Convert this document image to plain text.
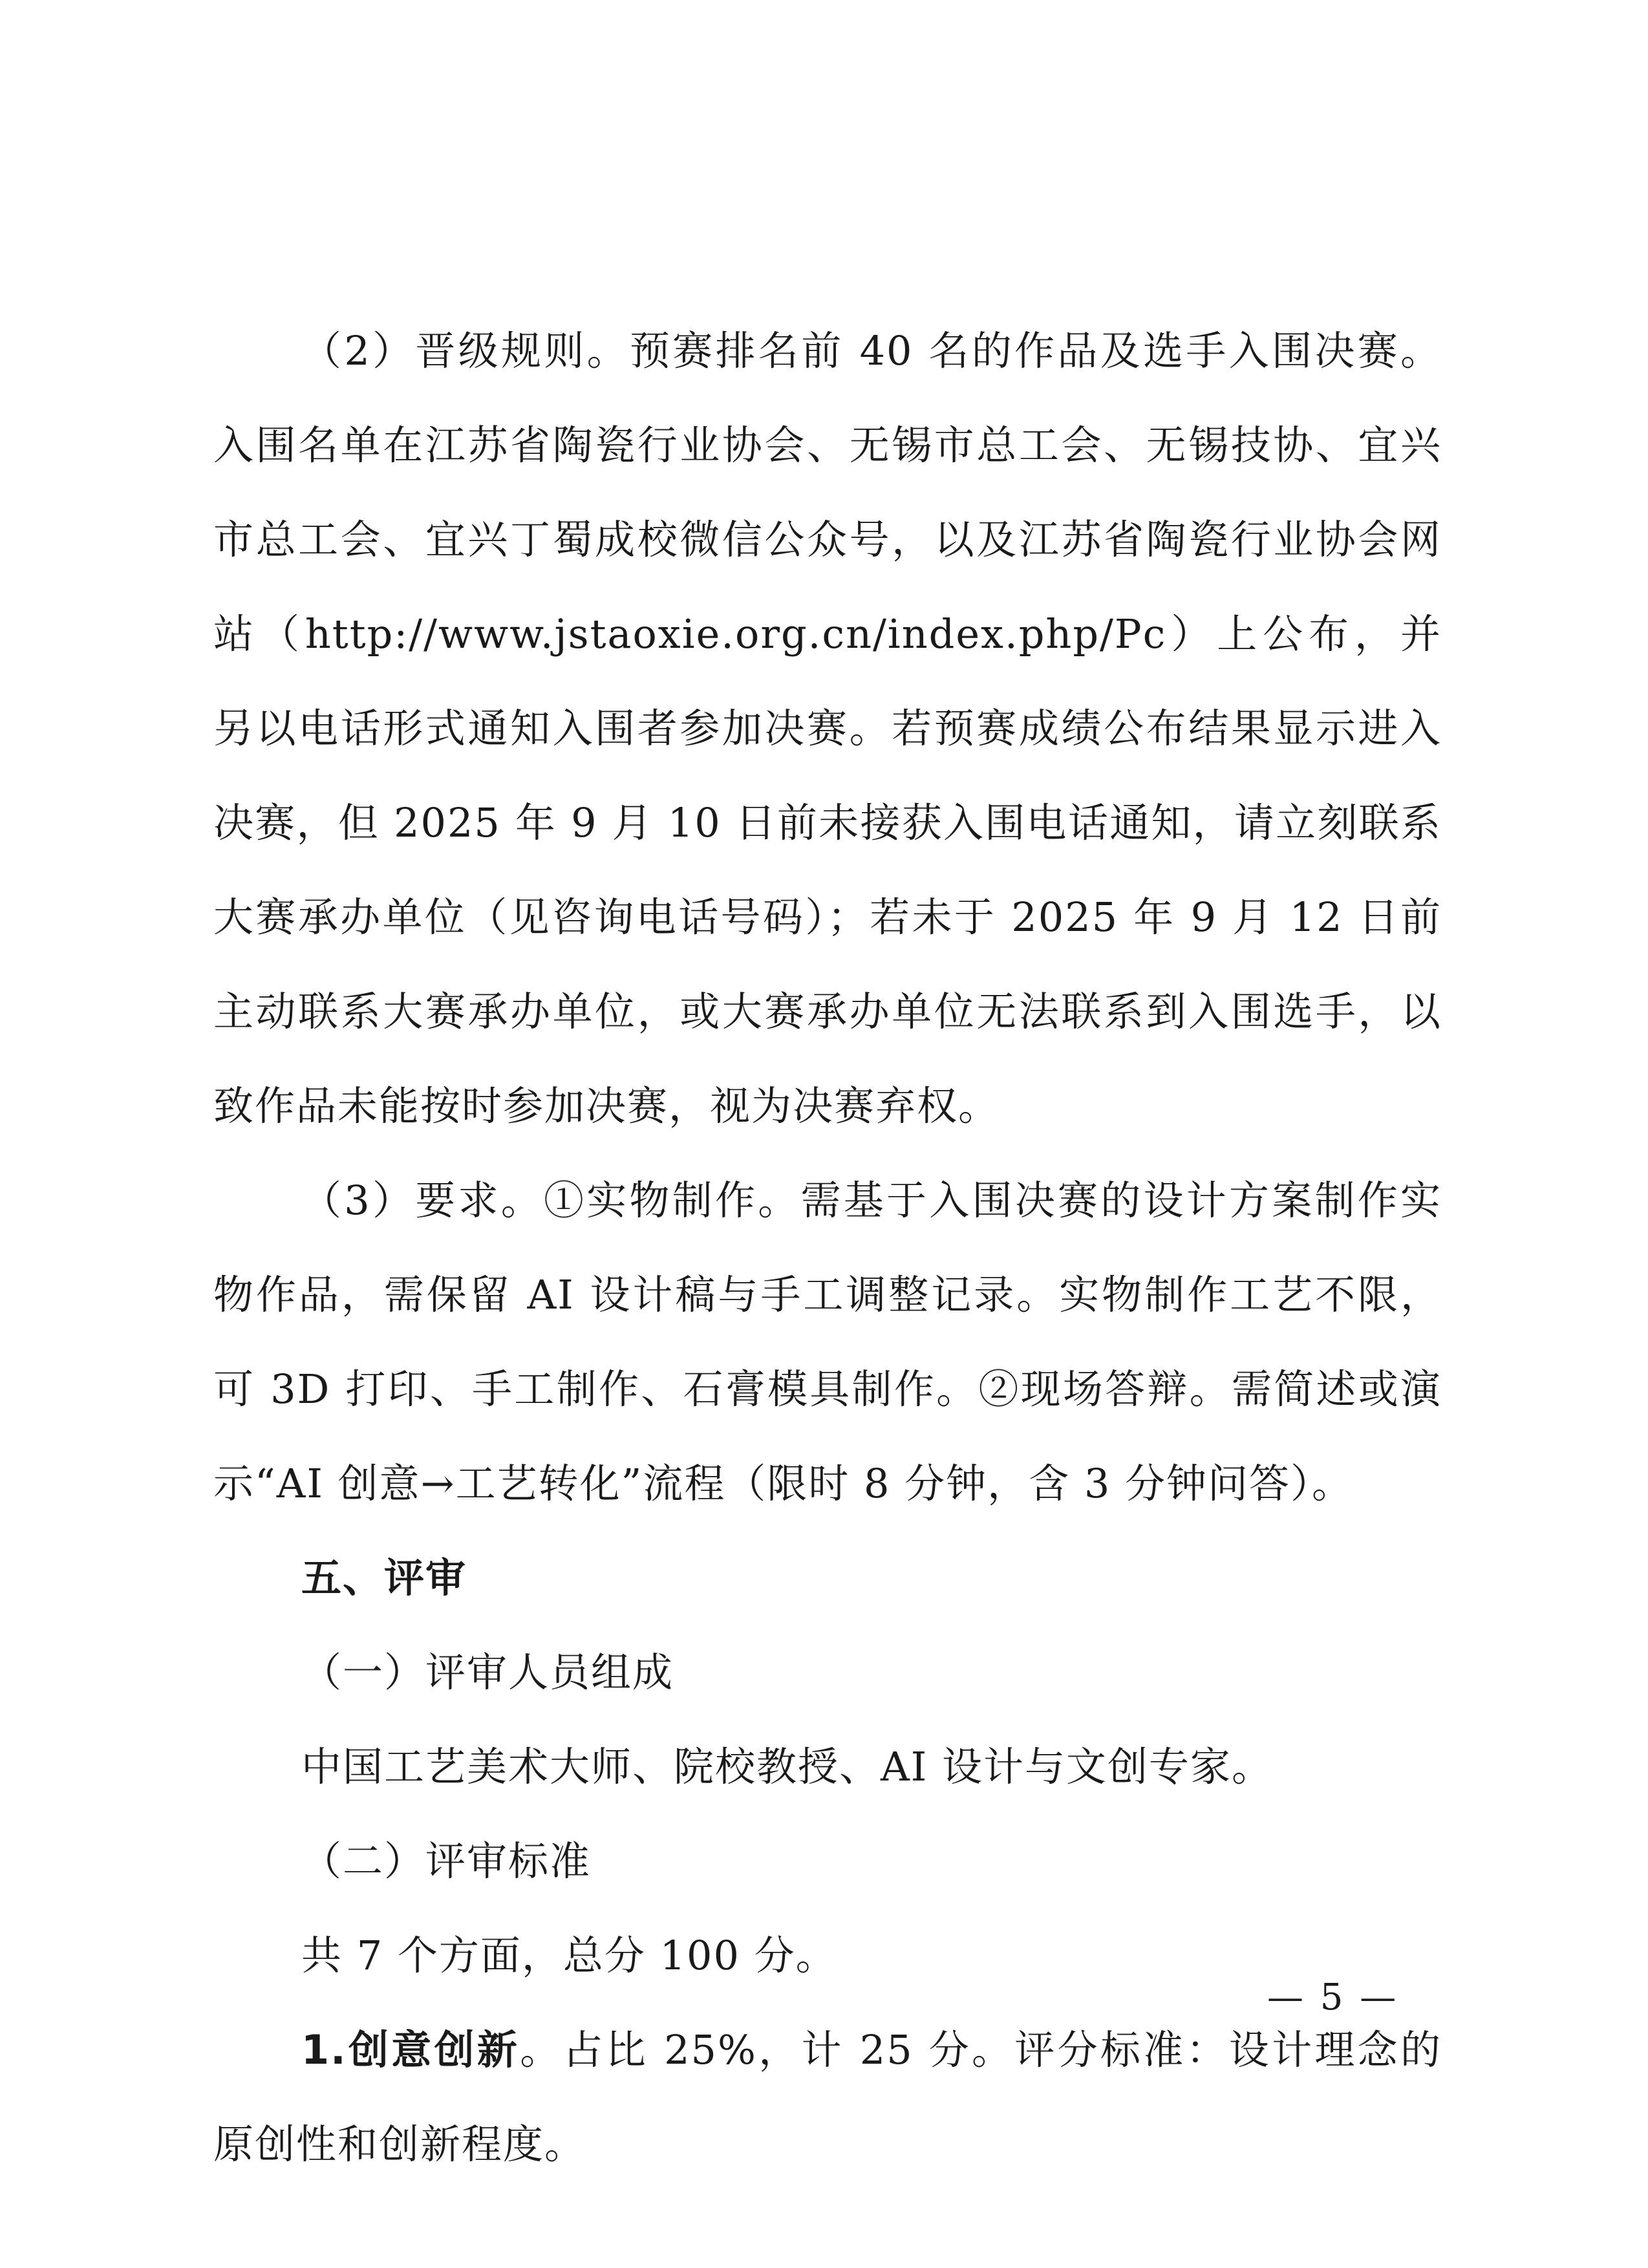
（2）晋级规则。预赛排名前 40 名的作品及选手入围决赛。入围名单在江苏省陶瓷行业协会、无锡市总工会、无锡技协、宜兴市总工会、宜兴丁蜀成校微信公众号，以及江苏省陶瓷行业协会网站（http://www.jstaoxie.org.cn/index.php/Pc）上公布，并另以电话形式通知入围者参加决赛。若预赛成绩公布结果显示进入决赛，但 2025 年 9 月 10 日前未接获入围电话通知，请立刻联系大赛承办单位（见咨询电话号码）；若未于 2025 年 9 月 12 日前主动联系大赛承办单位，或大赛承办单位无法联系到入围选手，以致作品未能按时参加决赛，视为决赛弃权。

（3）要求。①实物制作。需基于入围决赛的设计方案制作实物作品，需保留 AI 设计稿与手工调整记录。实物制作工艺不限，可 3D 打印、手工制作、石膏模具制作。②现场答辩。需简述或演示“AI 创意→工艺转化”流程（限时 8 分钟，含 3 分钟问答）。

五、评审

（一）评审人员组成

中国工艺美术大师、院校教授、AI 设计与文创专家。

（二）评审标准

共 7 个方面，总分 100 分。

1.创意创新。占比 25%，计 25 分。评分标准：设计理念的原创性和创新程度。

— 5 —
